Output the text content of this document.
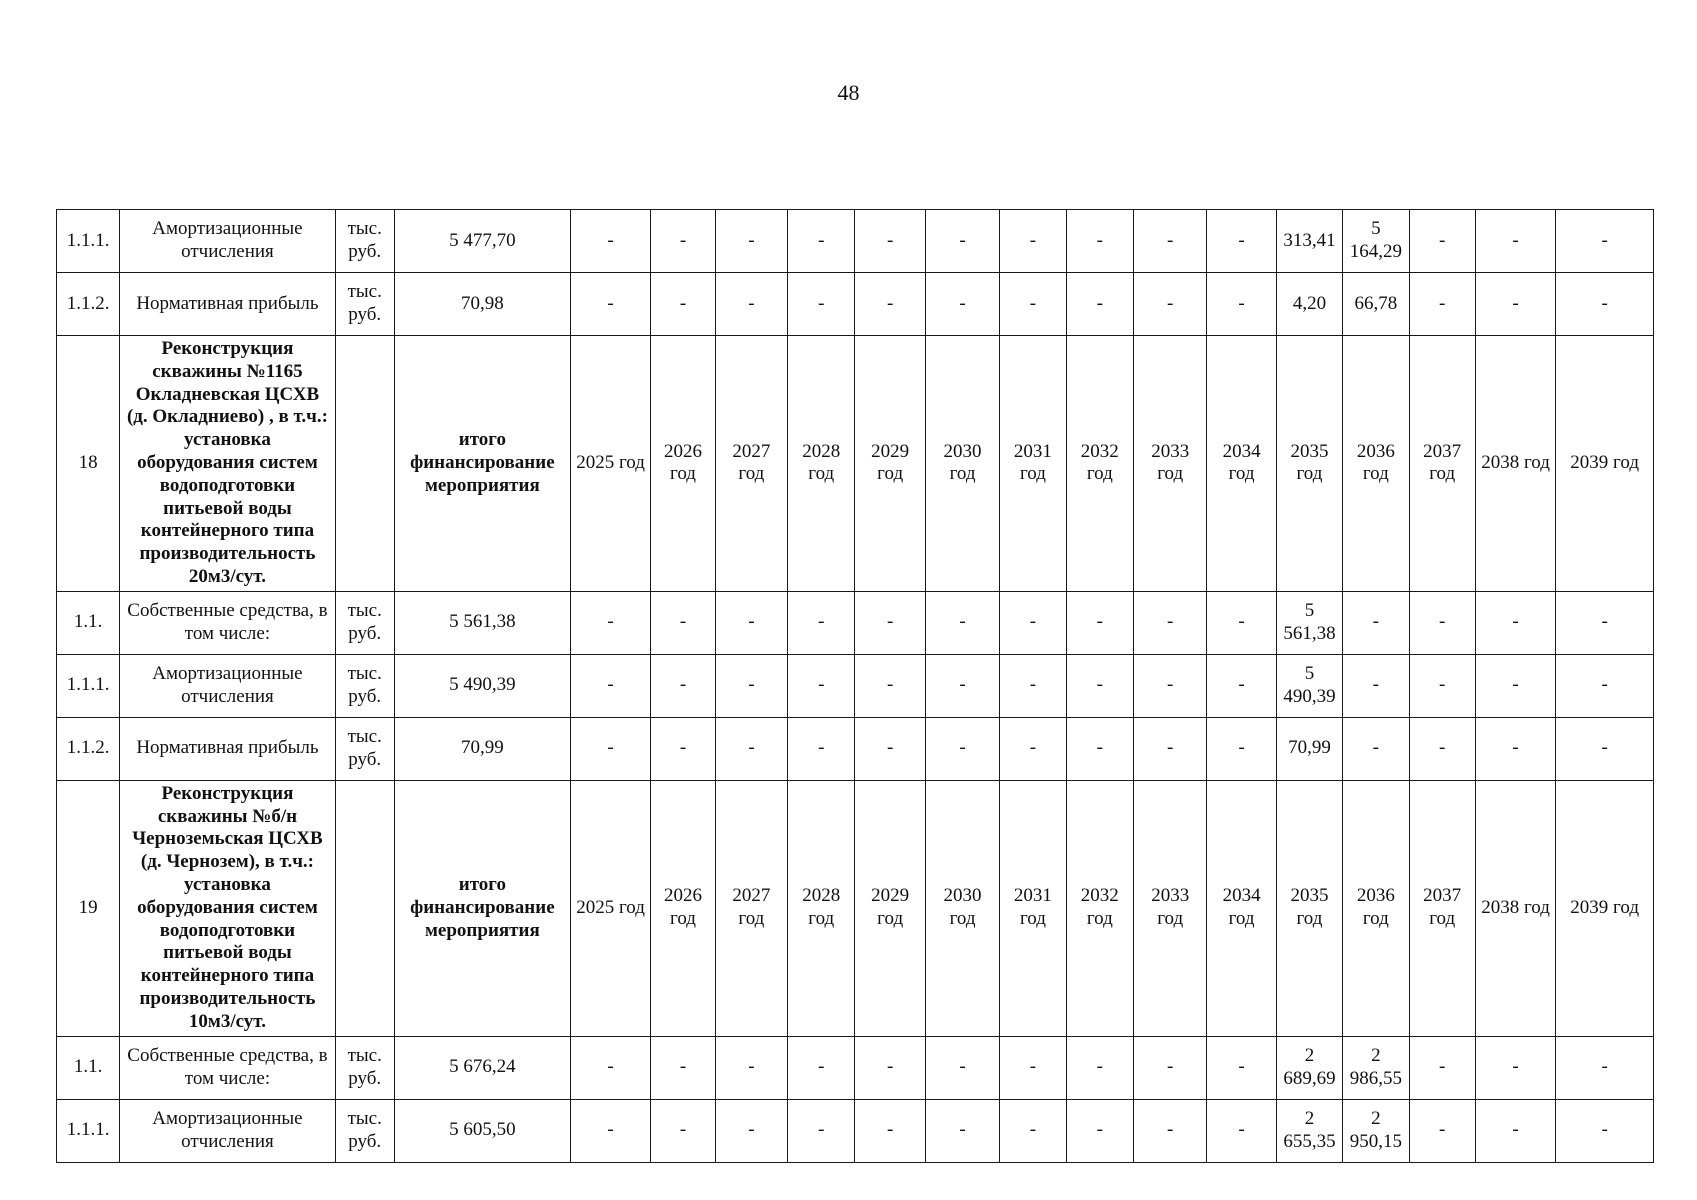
48
1.1.1.	Амортизационные отчисления	тыс. руб.	5 477,70	-	-	-	-	-	-	-	-	-	-	313,41	5 164,29	-	-	-
1.1.2.	Нормативная прибыль	тыс. руб.	70,98	-	-	-	-	-	-	-	-	-	-	4,20	66,78	-	-	-
18	Реконструкция скважины №1165 Окладневская ЦСХВ (д. Окладниево) , в т.ч.: установка оборудования систем водоподготовки питьевой воды контейнерного типа производительность 20м3/сут.		итого финансирование мероприятия	2025 год	2026 год	2027 год	2028 год	2029 год	2030 год	2031 год	2032 год	2033 год	2034 год	2035 год	2036 год	2037 год	2038 год	2039 год
1.1.	Собственные средства, в том числе:	тыс. руб.	5 561,38	-	-	-	-	-	-	-	-	-	-	5 561,38	-	-	-	-
1.1.1.	Амортизационные отчисления	тыс. руб.	5 490,39	-	-	-	-	-	-	-	-	-	-	5 490,39	-	-	-	-
1.1.2.	Нормативная прибыль	тыс. руб.	70,99	-	-	-	-	-	-	-	-	-	-	70,99	-	-	-	-
19	Реконструкция скважины №б/н Черноземьская ЦСХВ (д. Чернозем), в т.ч.: установка оборудования систем водоподготовки питьевой воды контейнерного типа производительность 10м3/сут.		итого финансирование мероприятия	2025 год	2026 год	2027 год	2028 год	2029 год	2030 год	2031 год	2032 год	2033 год	2034 год	2035 год	2036 год	2037 год	2038 год	2039 год
1.1.	Собственные средства, в том числе:	тыс. руб.	5 676,24	-	-	-	-	-	-	-	-	-	-	2 689,69	2 986,55	-	-	-
1.1.1.	Амортизационные отчисления	тыс. руб.	5 605,50	-	-	-	-	-	-	-	-	-	-	2 655,35	2 950,15	-	-	-
